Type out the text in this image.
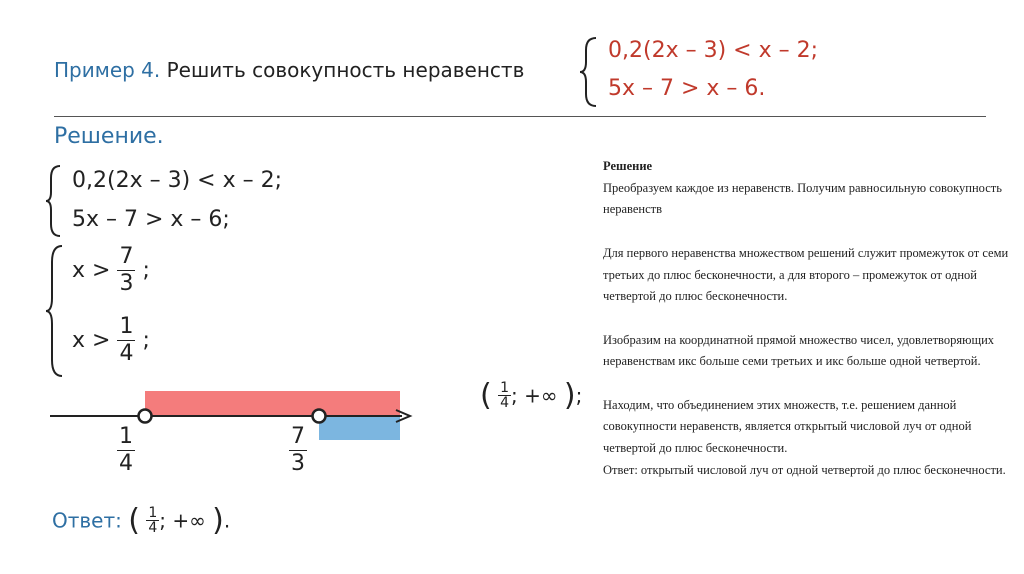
Пример 4. Решить совокупность неравенств
0,2(2x – 3) < x – 2;
5x – 7 > x – 6.
Решение.
0,2(2x – 3) < x – 2;
5x – 7 > x – 6;
$x > \frac{7}{3}$ ;
$x > \frac{1}{4}$ ;
$\frac{1}{4}$	$\frac{7}{3}$
( $\frac{1}{4}$ ; +∞ );
Ответ: ( $\frac{1}{4}$ ; +∞ ).

Решение

Преобразуем каждое из неравенств. Получим равносильную совокупность неравенств

Для первого неравенства множеством решений служит промежуток от семи третьих до плюс бесконечности, а для второго – промежуток от одной четвертой до плюс бесконечности.

Изобразим на координатной прямой множество чисел, удовлетворяющих неравенствам икс больше семи третьих и икс больше одной четвертой.

Находим, что объединением этих множеств, т.е. решением данной совокупности неравенств, является открытый числовой луч от одной четвертой до плюс бесконечности.

Ответ: открытый числовой луч от одной четвертой до плюс бесконечности.
